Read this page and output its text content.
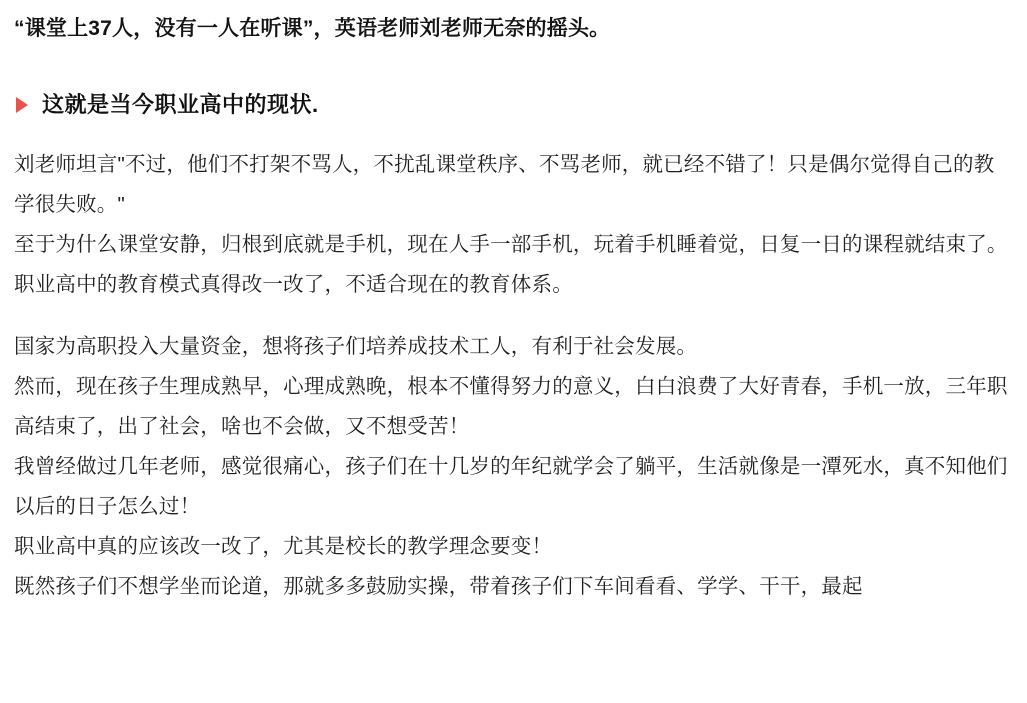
“课堂上37人，没有一人在听课”，英语老师刘老师无奈的摇头。

这就是当今职业高中的现状.

刘老师坦言"不过，他们不打架不骂人，不扰乱课堂秩序、不骂老师，就已经不错了！只是偶尔觉得自己的教学很失败。"

至于为什么课堂安静，归根到底就是手机，现在人手一部手机，玩着手机睡着觉，日复一日的课程就结束了。

职业高中的教育模式真得改一改了，不适合现在的教育体系。

国家为高职投入大量资金，想将孩子们培养成技术工人，有利于社会发展。

然而，现在孩子生理成熟早，心理成熟晚，根本不懂得努力的意义，白白浪费了大好青春，手机一放，三年职高结束了，出了社会，啥也不会做，又不想受苦！

我曾经做过几年老师，感觉很痛心，孩子们在十几岁的年纪就学会了躺平，生活就像是一潭死水，真不知他们以后的日子怎么过！

职业高中真的应该改一改了，尤其是校长的教学理念要变！

既然孩子们不想学坐而论道，那就多多鼓励实操，带着孩子们下车间看看、学学、干干，最起
